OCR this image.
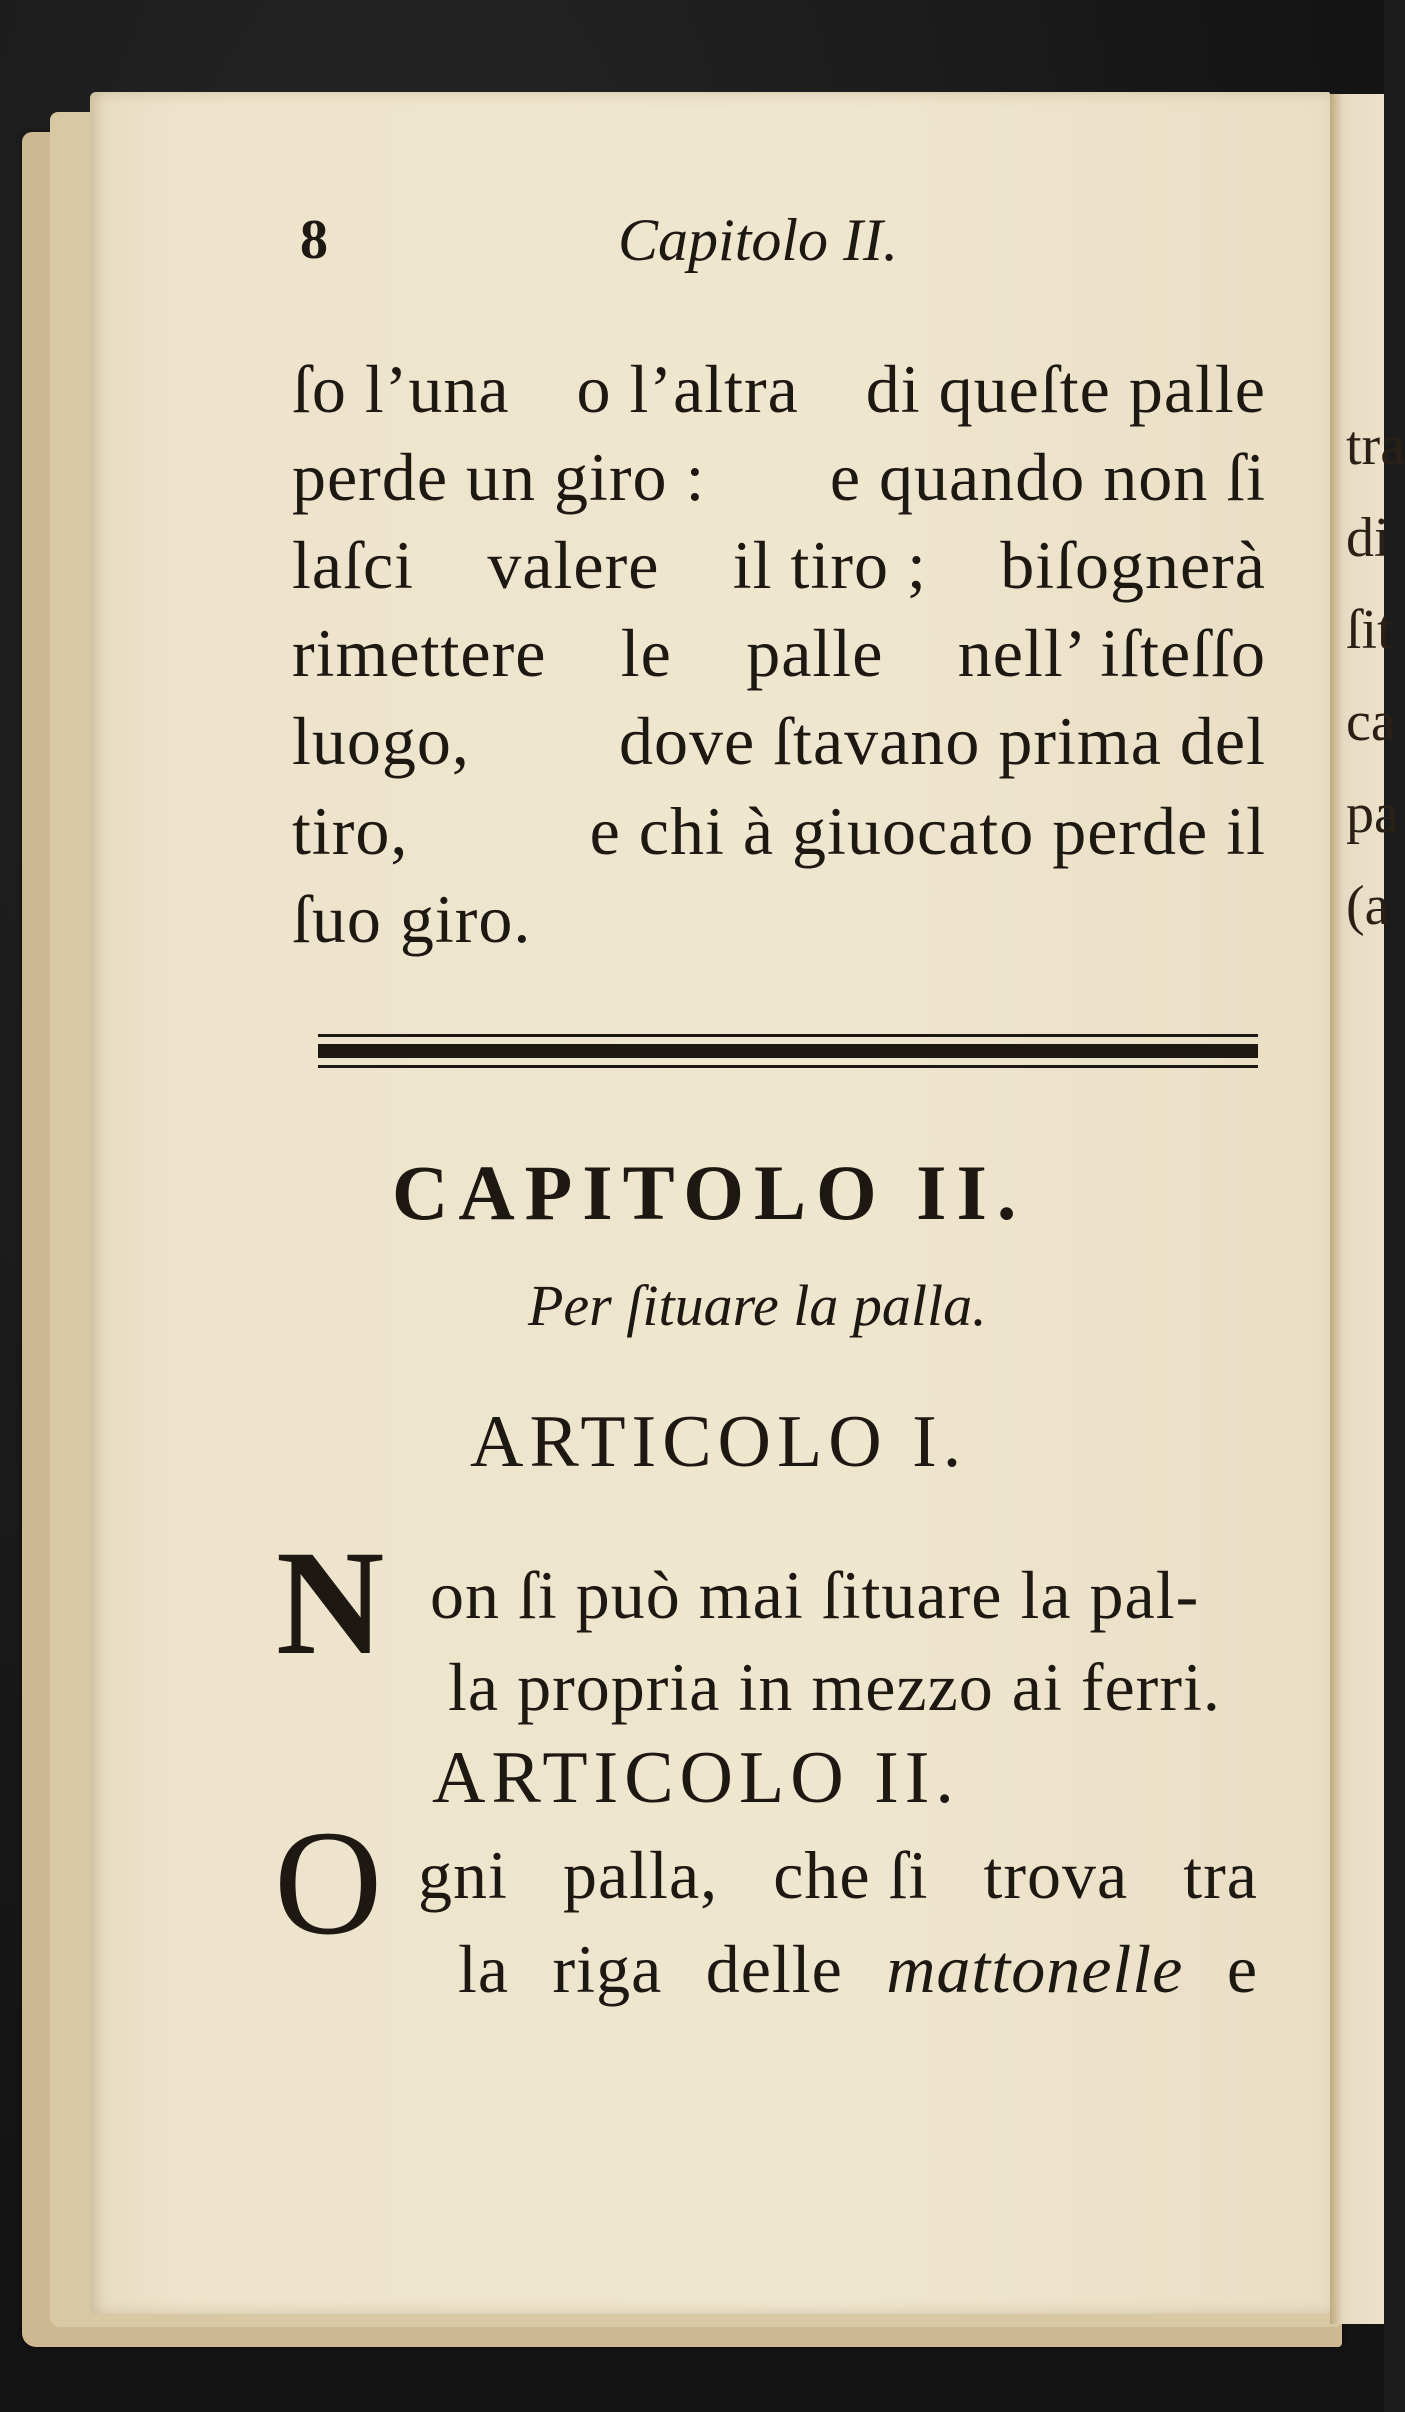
tra
di
ſit
ca
pa
(a
8	Capitolo II.
ſo l’una o l’altra di queſte palle
perde un giro : e quando non ſi
laſci valere il tiro ; biſognerà
rimettere le palle nell’ iſteſſo
luogo, dove ſtavano prima del
tiro,	e chi à giuocato perde il
ſuo giro.
CAPITOLO II.
Per ſituare la palla.
ARTICOLO I.
N on ſi può mai ſituare la pal-
la propria in mezzo ai ferri.
ARTICOLO II.
O gni palla, che ſi trova tra
la riga delle mattonelle e
